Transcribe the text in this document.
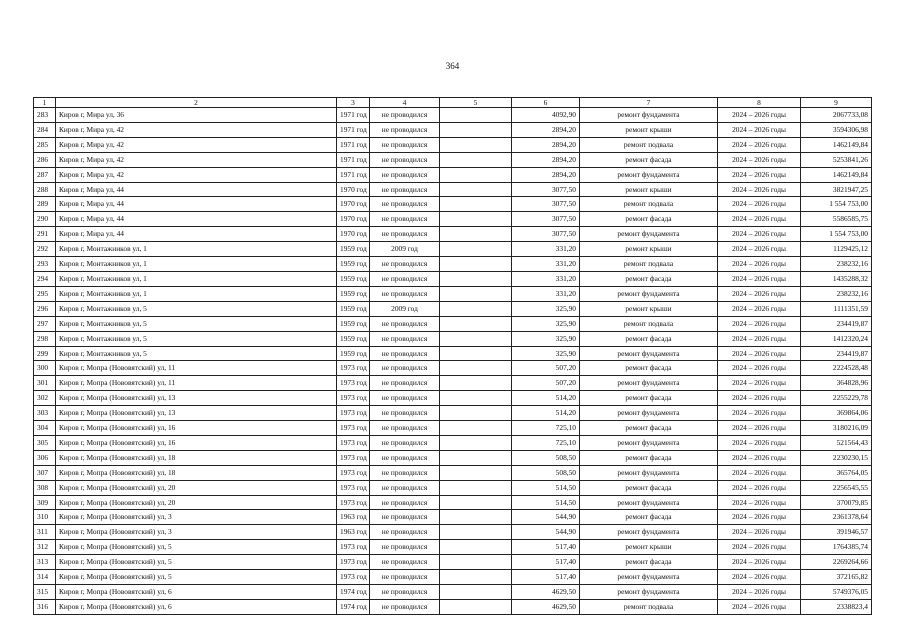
364
1	2	3	4	5	6	7	8	9
283	Киров г, Мира ул, 36	1971 год	не проводился		4092,90	ремонт фундамента	2024 – 2026 годы	2067733,08
284	Киров г, Мира ул, 42	1971 год	не проводился		2894,20	ремонт крыши	2024 – 2026 годы	3594306,98
285	Киров г, Мира ул, 42	1971 год	не проводился		2894,20	ремонт подвала	2024 – 2026 годы	1462149,84
286	Киров г, Мира ул, 42	1971 год	не проводился		2894,20	ремонт фасада	2024 – 2026 годы	5253841,26
287	Киров г, Мира ул, 42	1971 год	не проводился		2894,20	ремонт фундамента	2024 – 2026 годы	1462149,84
288	Киров г, Мира ул, 44	1970 год	не проводился		3077,50	ремонт крыши	2024 – 2026 годы	3821947,25
289	Киров г, Мира ул, 44	1970 год	не проводился		3077,50	ремонт подвала	2024 – 2026 годы	1 554 753,00
290	Киров г, Мира ул, 44	1970 год	не проводился		3077,50	ремонт фасада	2024 – 2026 годы	5586585,75
291	Киров г, Мира ул, 44	1970 год	не проводился		3077,50	ремонт фундамента	2024 – 2026 годы	1 554 753,00
292	Киров г, Монтажников ул, 1	1959 год	2009 год		331,20	ремонт крыши	2024 – 2026 годы	1129425,12
293	Киров г, Монтажников ул, 1	1959 год	не проводился		331,20	ремонт подвала	2024 – 2026 годы	238232,16
294	Киров г, Монтажников ул, 1	1959 год	не проводился		331,20	ремонт фасада	2024 – 2026 годы	1435288,32
295	Киров г, Монтажников ул, 1	1959 год	не проводился		331,20	ремонт фундамента	2024 – 2026 годы	238232,16
296	Киров г, Монтажников ул, 5	1959 год	2009 год		325,90	ремонт крыши	2024 – 2026 годы	1111351,59
297	Киров г, Монтажников ул, 5	1959 год	не проводился		325,90	ремонт подвала	2024 – 2026 годы	234419,87
298	Киров г, Монтажников ул, 5	1959 год	не проводился		325,90	ремонт фасада	2024 – 2026 годы	1412320,24
299	Киров г, Монтажников ул, 5	1959 год	не проводился		325,90	ремонт фундамента	2024 – 2026 годы	234419,87
300	Киров г, Мопра (Нововятский) ул, 11	1973 год	не проводился		507,20	ремонт фасада	2024 – 2026 годы	2224528,48
301	Киров г, Мопра (Нововятский) ул, 11	1973 год	не проводился		507,20	ремонт фундамента	2024 – 2026 годы	364828,96
302	Киров г, Мопра (Нововятский) ул, 13	1973 год	не проводился		514,20	ремонт фасада	2024 – 2026 годы	2255229,78
303	Киров г, Мопра (Нововятский) ул, 13	1973 год	не проводился		514,20	ремонт фундамента	2024 – 2026 годы	369864,06
304	Киров г, Мопра (Нововятский) ул, 16	1973 год	не проводился		725,10	ремонт фасада	2024 – 2026 годы	3180216,09
305	Киров г, Мопра (Нововятский) ул, 16	1973 год	не проводился		725,10	ремонт фундамента	2024 – 2026 годы	521564,43
306	Киров г, Мопра (Нововятский) ул, 18	1973 год	не проводился		508,50	ремонт фасада	2024 – 2026 годы	2230230,15
307	Киров г, Мопра (Нововятский) ул, 18	1973 год	не проводился		508,50	ремонт фундамента	2024 – 2026 годы	365764,05
308	Киров г, Мопра (Нововятский) ул, 20	1973 год	не проводился		514,50	ремонт фасада	2024 – 2026 годы	2256545,55
309	Киров г, Мопра (Нововятский) ул, 20	1973 год	не проводился		514,50	ремонт фундамента	2024 – 2026 годы	370079,85
310	Киров г, Мопра (Нововятский) ул, 3	1963 год	не проводился		544,90	ремонт фасада	2024 – 2026 годы	2361378,64
311	Киров г, Мопра (Нововятский) ул, 3	1963 год	не проводился		544,90	ремонт фундамента	2024 – 2026 годы	391946,57
312	Киров г, Мопра (Нововятский) ул, 5	1973 год	не проводился		517,40	ремонт крыши	2024 – 2026 годы	1764385,74
313	Киров г, Мопра (Нововятский) ул, 5	1973 год	не проводился		517,40	ремонт фасада	2024 – 2026 годы	2269264,66
314	Киров г, Мопра (Нововятский) ул, 5	1973 год	не проводился		517,40	ремонт фундамента	2024 – 2026 годы	372165,82
315	Киров г, Мопра (Нововятский) ул, 6	1974 год	не проводился		4629,50	ремонт фундамента	2024 – 2026 годы	5749376,05
316	Киров г, Мопра (Нововятский) ул, 6	1974 год	не проводился		4629,50	ремонт подвала	2024 – 2026 годы	2338823,4
